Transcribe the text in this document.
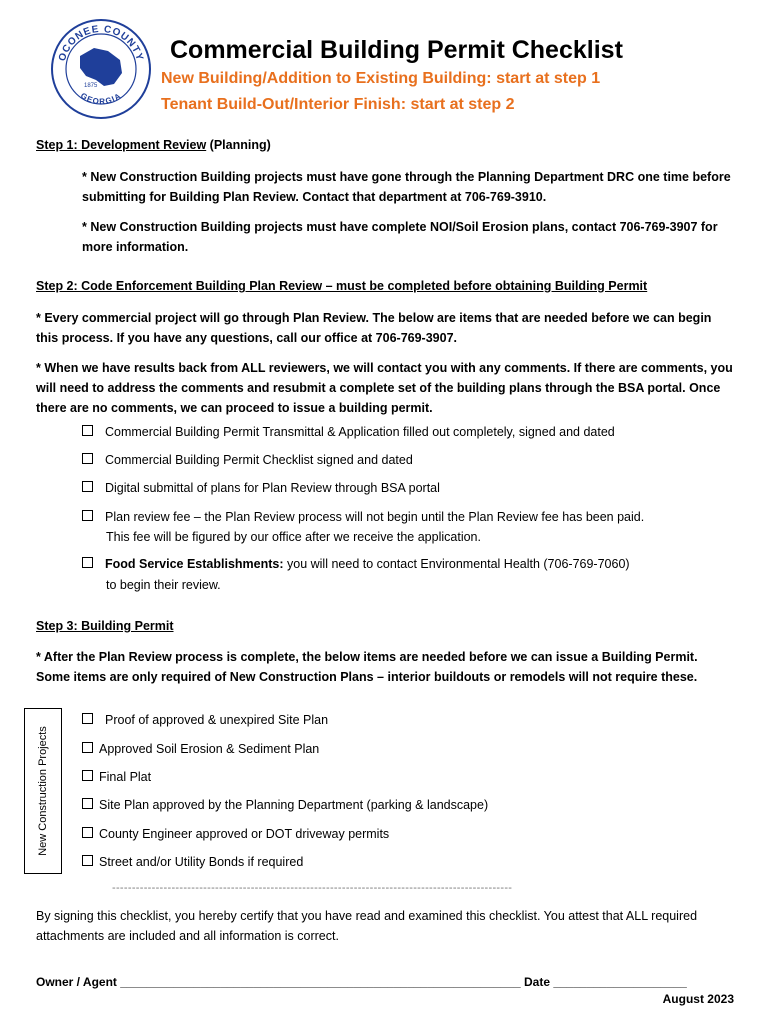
OCONEE COUNTY
GEORGIA
1875
Commercial Building Permit Checklist
New Building/Addition to Existing Building: start at step 1
Tenant Build-Out/Interior Finish: start at step 2
Step 1: Development Review (Planning)
* New Construction Building projects must have gone through the Planning Department DRC one time before submitting for Building Plan Review. Contact that department at 706-769-3910.
* New Construction Building projects must have complete NOI/Soil Erosion plans, contact 706-769-3907 for more information.
Step 2: Code Enforcement Building Plan Review – must be completed before obtaining Building Permit
* Every commercial project will go through Plan Review. The below are items that are needed before we can begin this process. If you have any questions, call our office at 706-769-3907.
* When we have results back from ALL reviewers, we will contact you with any comments. If there are comments, you will need to address the comments and resubmit a complete set of the building plans through the BSA portal. Once there are no comments, we can proceed to issue a building permit.
Commercial Building Permit Transmittal & Application filled out completely, signed and dated
Commercial Building Permit Checklist signed and dated
Digital submittal of plans for Plan Review through BSA portal
Plan review fee – the Plan Review process will not begin until the Plan Review fee has been paid.
This fee will be figured by our office after we receive the application.
Food Service Establishments: you will need to contact Environmental Health (706-769-7060)
to begin their review.
Step 3: Building Permit
* After the Plan Review process is complete, the below items are needed before we can issue a Building Permit. Some items are only required of New Construction Plans – interior buildouts or remodels will not require these.
New Construction Projects
Proof of approved & unexpired Site Plan
Approved Soil Erosion & Sediment Plan
Final Plat
Site Plan approved by the Planning Department (parking & landscape)
County Engineer approved or DOT driveway permits
Street and/or Utility Bonds if required
-----------------------------------------------------------------------------------------------------
By signing this checklist, you hereby certify that you have read and examined this checklist. You attest that ALL required attachments are included and all information is correct.
Owner / Agent ____________________________________________________________ Date ____________________
August 2023
